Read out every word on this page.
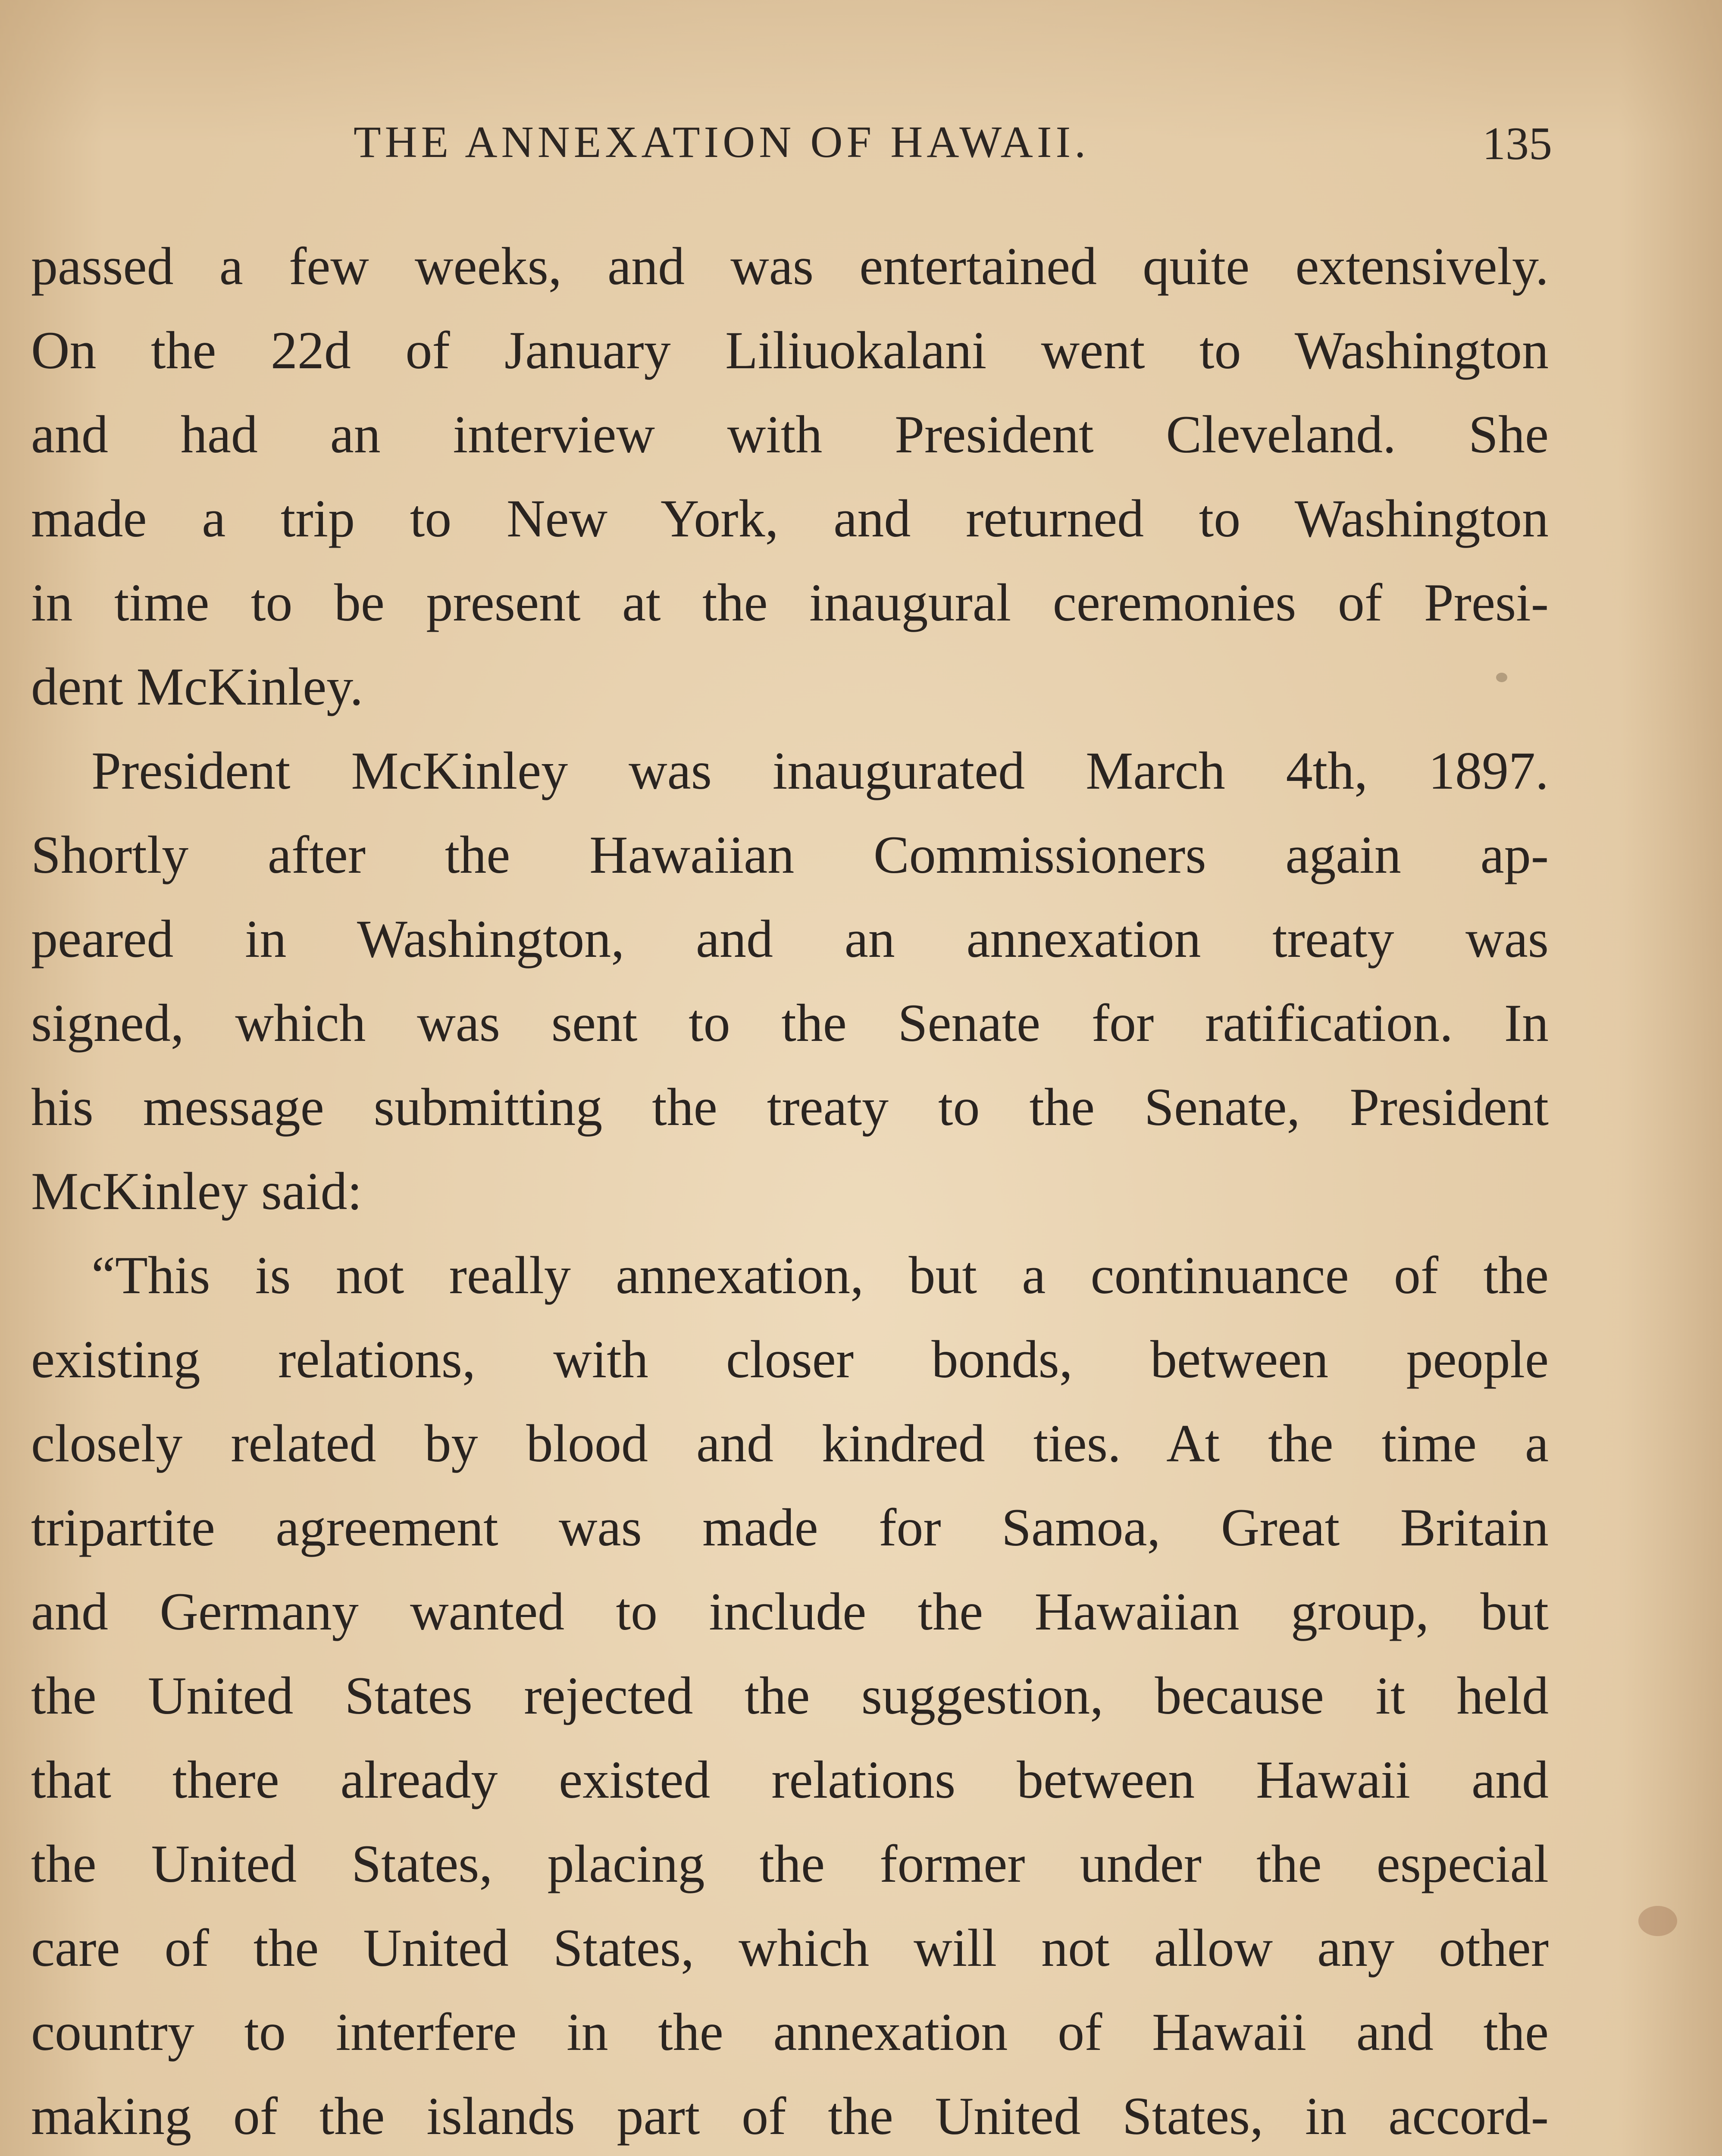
THE ANNEXATION OF HAWAII.	135
passed a few weeks, and was entertained quite extensively.
On the 22d of January Liliuokalani went to Washington
and had an interview with President Cleveland. She
made a trip to New York, and returned to Washington
in time to be present at the inaugural ceremonies of Presi-
dent McKinley.
President McKinley was inaugurated March 4th, 1897.
Shortly after the Hawaiian Commissioners again ap-
peared in Washington, and an annexation treaty was
signed, which was sent to the Senate for ratification. In
his message submitting the treaty to the Senate, President
McKinley said:
“This is not really annexation, but a continuance of the
existing relations, with closer bonds, between people
closely related by blood and kindred ties. At the time a
tripartite agreement was made for Samoa, Great Britain
and Germany wanted to include the Hawaiian group, but
the United States rejected the suggestion, because it held
that there already existed relations between Hawaii and
the United States, placing the former under the especial
care of the United States, which will not allow any other
country to interfere in the annexation of Hawaii and the
making of the islands part of the United States, in accord-
